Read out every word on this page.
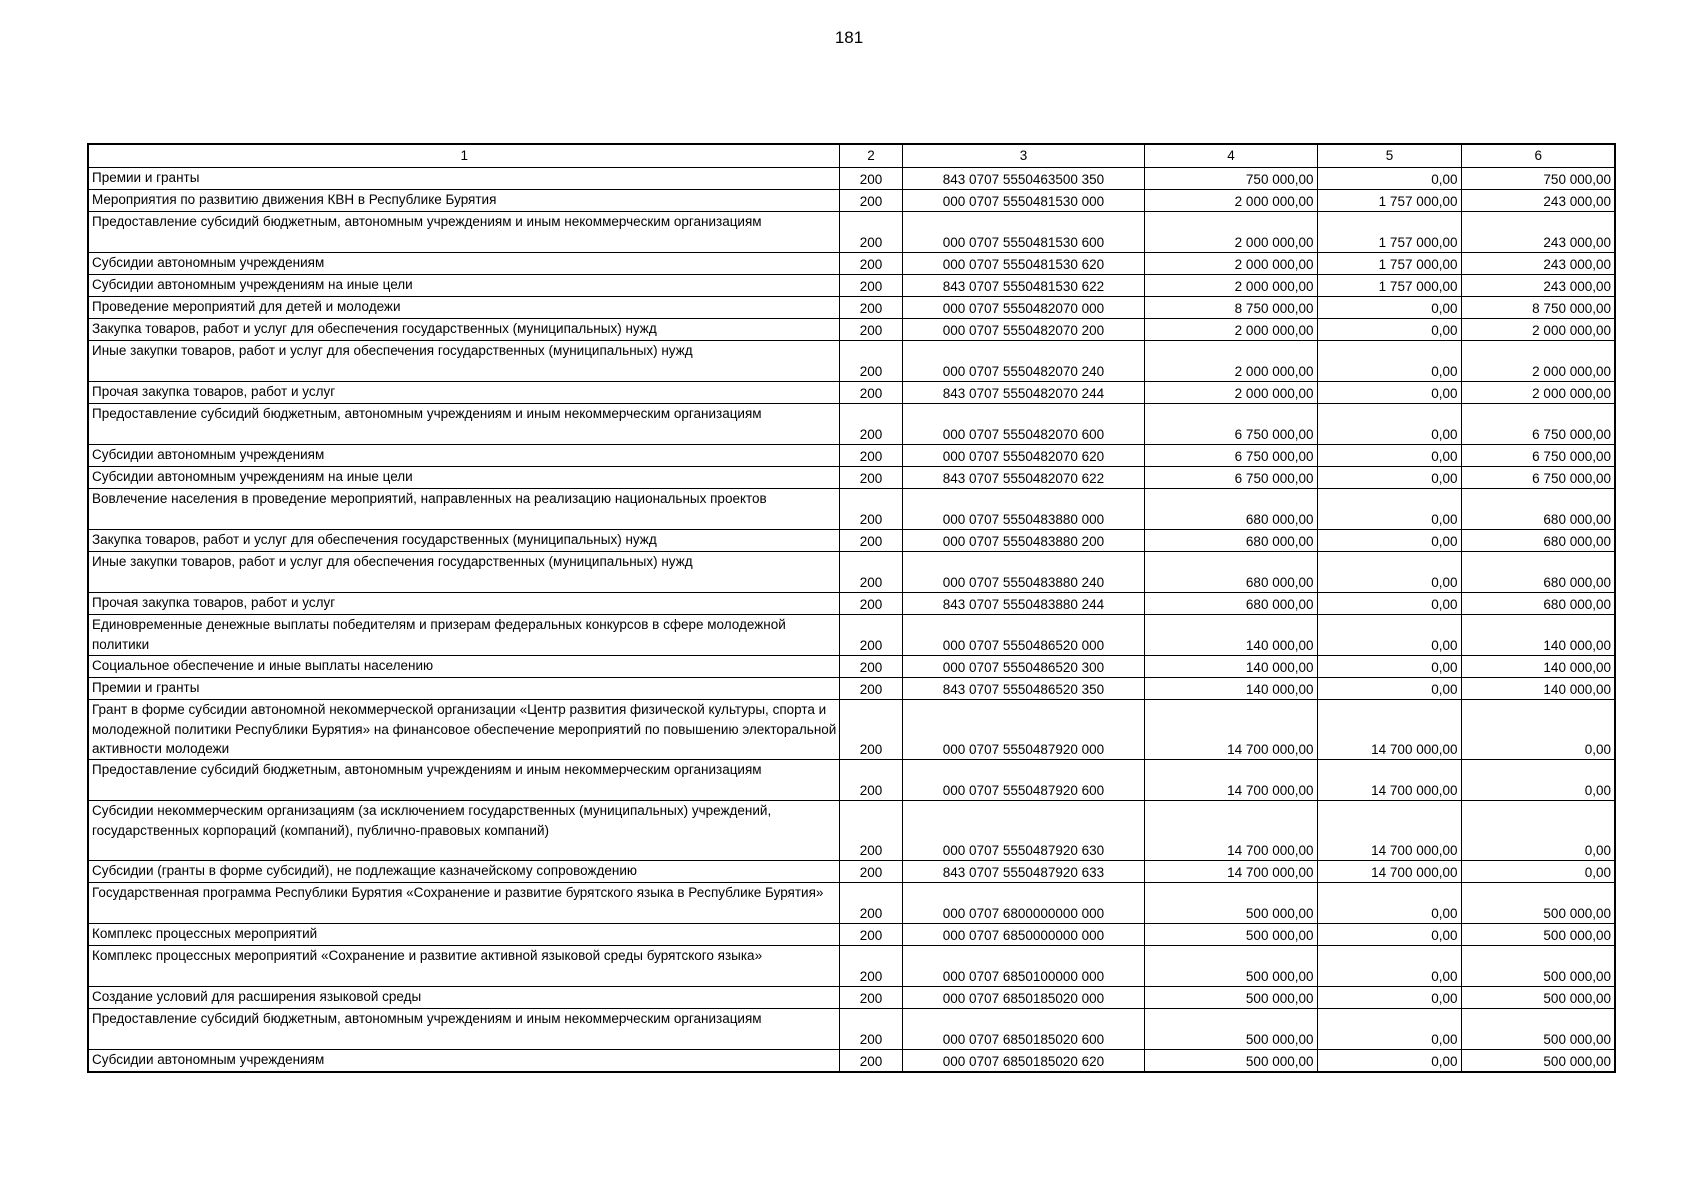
181
1	2	3	4	5	6
Премии и гранты	200	843 0707 5550463500 350	750 000,00	0,00	750 000,00
Мероприятия по развитию движения КВН в Республике Бурятия	200	000 0707 5550481530 000	2 000 000,00	1 757 000,00	243 000,00
Предоставление субсидий бюджетным, автономным учреждениям и иным некоммерческим организациям	200	000 0707 5550481530 600	2 000 000,00	1 757 000,00	243 000,00
Субсидии автономным учреждениям	200	000 0707 5550481530 620	2 000 000,00	1 757 000,00	243 000,00
Субсидии автономным учреждениям на иные цели	200	843 0707 5550481530 622	2 000 000,00	1 757 000,00	243 000,00
Проведение мероприятий для детей и молодежи	200	000 0707 5550482070 000	8 750 000,00	0,00	8 750 000,00
Закупка товаров, работ и услуг для обеспечения государственных (муниципальных) нужд	200	000 0707 5550482070 200	2 000 000,00	0,00	2 000 000,00
Иные закупки товаров, работ и услуг для обеспечения государственных (муниципальных) нужд	200	000 0707 5550482070 240	2 000 000,00	0,00	2 000 000,00
Прочая закупка товаров, работ и услуг	200	843 0707 5550482070 244	2 000 000,00	0,00	2 000 000,00
Предоставление субсидий бюджетным, автономным учреждениям и иным некоммерческим организациям	200	000 0707 5550482070 600	6 750 000,00	0,00	6 750 000,00
Субсидии автономным учреждениям	200	000 0707 5550482070 620	6 750 000,00	0,00	6 750 000,00
Субсидии автономным учреждениям на иные цели	200	843 0707 5550482070 622	6 750 000,00	0,00	6 750 000,00
Вовлечение населения в проведение мероприятий, направленных на реализацию национальных проектов	200	000 0707 5550483880 000	680 000,00	0,00	680 000,00
Закупка товаров, работ и услуг для обеспечения государственных (муниципальных) нужд	200	000 0707 5550483880 200	680 000,00	0,00	680 000,00
Иные закупки товаров, работ и услуг для обеспечения государственных (муниципальных) нужд	200	000 0707 5550483880 240	680 000,00	0,00	680 000,00
Прочая закупка товаров, работ и услуг	200	843 0707 5550483880 244	680 000,00	0,00	680 000,00
Единовременные денежные выплаты победителям и призерам федеральных конкурсов в сфере молодежной политики	200	000 0707 5550486520 000	140 000,00	0,00	140 000,00
Социальное обеспечение и иные выплаты населению	200	000 0707 5550486520 300	140 000,00	0,00	140 000,00
Премии и гранты	200	843 0707 5550486520 350	140 000,00	0,00	140 000,00
Грант в форме субсидии автономной некоммерческой организации «Центр развития физической культуры, спорта и молодежной политики Республики Бурятия» на финансовое обеспечение мероприятий по повышению электоральной активности молодежи	200	000 0707 5550487920 000	14 700 000,00	14 700 000,00	0,00
Предоставление субсидий бюджетным, автономным учреждениям и иным некоммерческим организациям	200	000 0707 5550487920 600	14 700 000,00	14 700 000,00	0,00
Субсидии некоммерческим организациям (за исключением государственных (муниципальных) учреждений, государственных корпораций (компаний), публично-правовых компаний)	200	000 0707 5550487920 630	14 700 000,00	14 700 000,00	0,00
Субсидии (гранты в форме субсидий), не подлежащие казначейскому сопровождению	200	843 0707 5550487920 633	14 700 000,00	14 700 000,00	0,00
Государственная программа Республики Бурятия «Сохранение и развитие бурятского языка в Республике Бурятия»	200	000 0707 6800000000 000	500 000,00	0,00	500 000,00
Комплекс процессных мероприятий	200	000 0707 6850000000 000	500 000,00	0,00	500 000,00
Комплекс процессных мероприятий «Сохранение и развитие активной языковой среды бурятского языка»	200	000 0707 6850100000 000	500 000,00	0,00	500 000,00
Создание условий для расширения языковой среды	200	000 0707 6850185020 000	500 000,00	0,00	500 000,00
Предоставление субсидий бюджетным, автономным учреждениям и иным некоммерческим организациям	200	000 0707 6850185020 600	500 000,00	0,00	500 000,00
Субсидии автономным учреждениям	200	000 0707 6850185020 620	500 000,00	0,00	500 000,00
